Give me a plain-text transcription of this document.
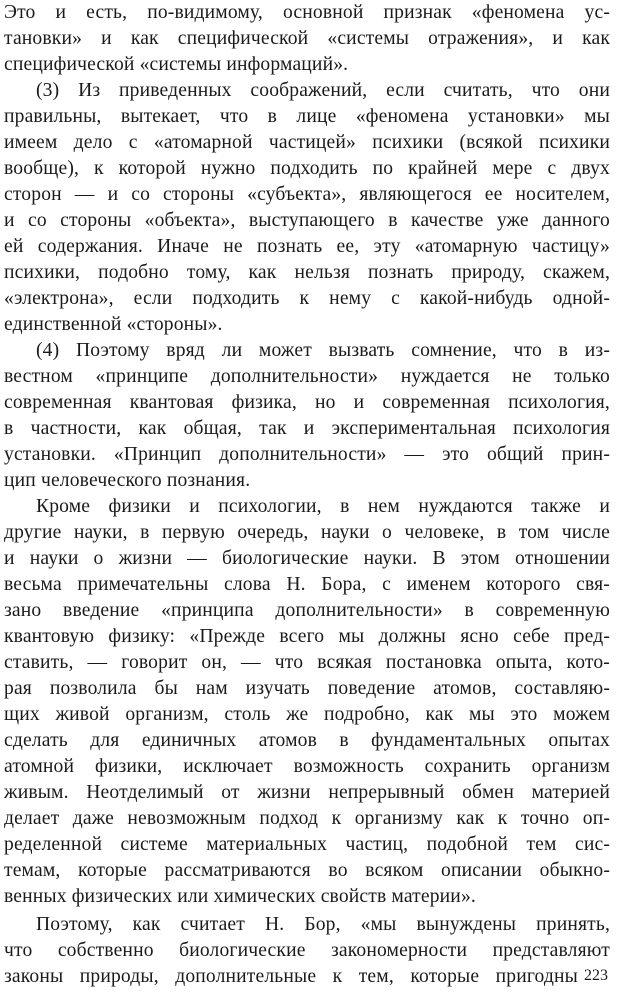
Это и есть, по-видимому, основной признак «феномена ус-
тановки» и как специфической «системы отражения», и как
специфической «системы информаций».
(3) Из приведенных соображений, если считать, что они
правильны, вытекает, что в лице «феномена установки» мы
имеем дело с «атомарной частицей» психики (всякой психики
вообще), к которой нужно подходить по крайней мере с двух
сторон — и со стороны «субъекта», являющегося ее носителем,
и со стороны «объекта», выступающего в качестве уже данного
ей содержания. Иначе не познать ее, эту «атомарную частицу»
психики, подобно тому, как нельзя познать природу, скажем,
«электрона», если подходить к нему с какой-нибудь одной-
единственной «стороны».
(4) Поэтому вряд ли может вызвать сомнение, что в из-
вестном «принципе дополнительности» нуждается не только
современная квантовая физика, но и современная психология,
в частности, как общая, так и экспериментальная психология
установки. «Принцип дополнительности» — это общий прин-
цип человеческого познания.
Кроме физики и психологии, в нем нуждаются также и
другие науки, в первую очередь, науки о человеке, в том числе
и науки о жизни — биологические науки. В этом отношении
весьма примечательны слова Н. Бора, с именем которого свя-
зано введение «принципа дополнительности» в современную
квантовую физику: «Прежде всего мы должны ясно себе пред-
ставить, — говорит он, — что всякая постановка опыта, кото-
рая позволила бы нам изучать поведение атомов, составляю-
щих живой организм, столь же подробно, как мы это можем
сделать для единичных атомов в фундаментальных опытах
атомной физики, исключает возможность сохранить организм
живым. Неотделимый от жизни непрерывный обмен материей
делает даже невозможным подход к организму как к точно оп-
ределенной системе материальных частиц, подобной тем сис-
темам, которые рассматриваются во всяком описании обыкно-
венных физических или химических свойств материи».
Поэтому, как считает Н. Бор, «мы вынуждены принять,
что собственно биологические закономерности представляют
законы природы, дополнительные к тем, которые пригодны 223
